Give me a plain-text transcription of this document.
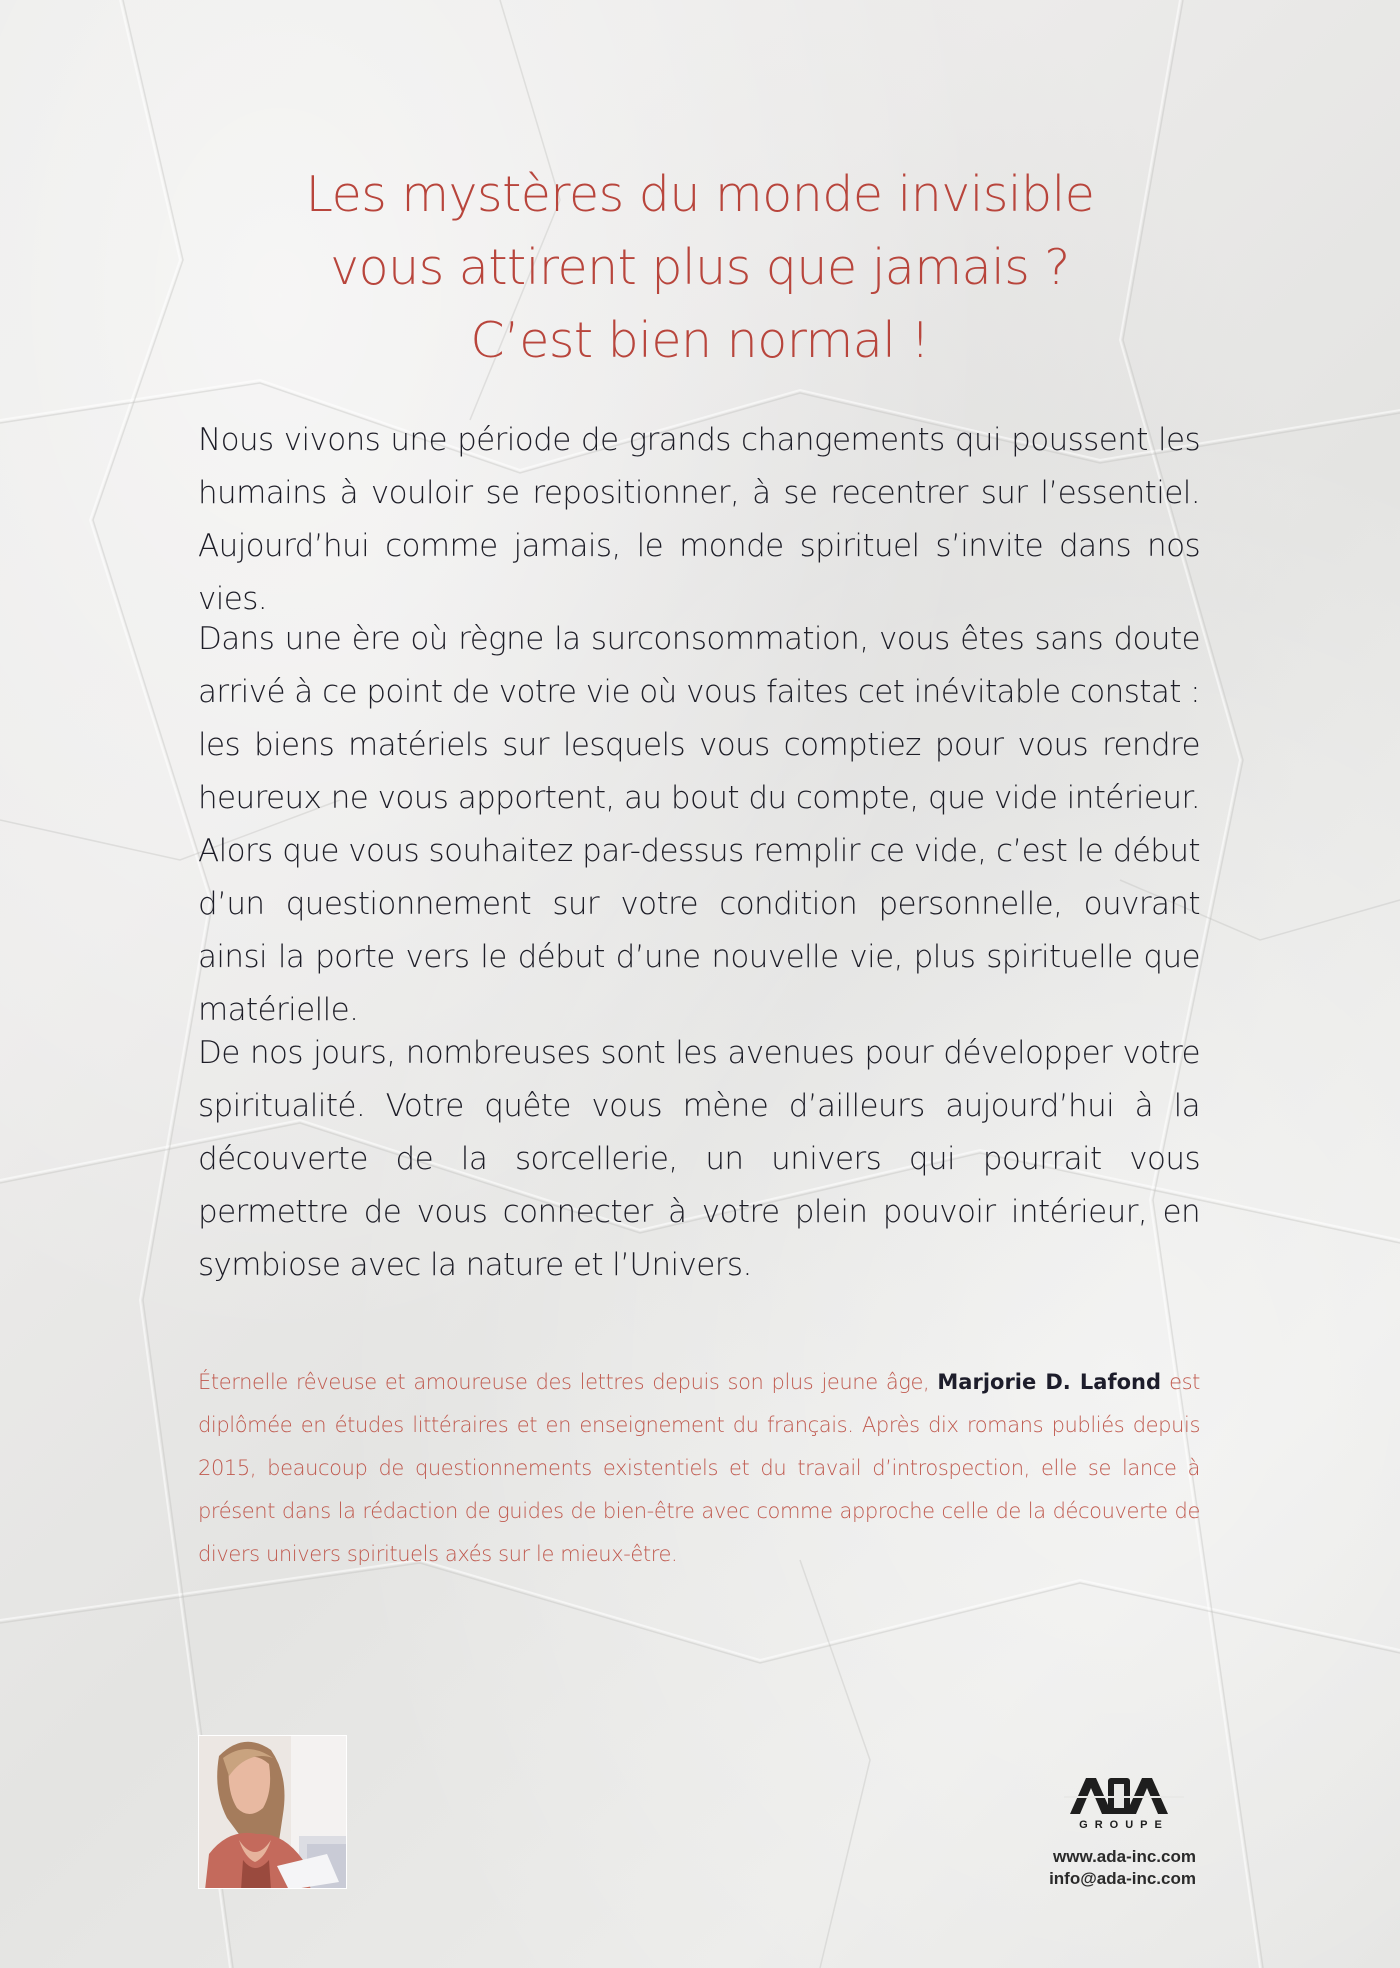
Les mystères du monde invisible
vous attirent plus que jamais ?
C’est bien normal !

Nous vivons une période de grands changements qui poussent les humains à vouloir se repositionner, à se recentrer sur l’essentiel. Aujourd’hui comme jamais, le monde spirituel s’invite dans nos vies.

Dans une ère où règne la surconsommation, vous êtes sans doute arrivé à ce point de votre vie où vous faites cet inévitable constat : les biens matériels sur lesquels vous comptiez pour vous rendre heureux ne vous apportent, au bout du compte, que vide intérieur. Alors que vous souhaitez par-dessus remplir ce vide, c’est le début d’un questionnement sur votre condition personnelle, ouvrant ainsi la porte vers le début d’une nouvelle vie, plus spirituelle que matérielle.

De nos jours, nombreuses sont les avenues pour développer votre spiritualité. Votre quête vous mène d’ailleurs aujourd’hui à la découverte de la sorcellerie, un univers qui pourrait vous permettre de vous connecter à votre plein pouvoir intérieur, en symbiose avec la nature et l’Univers.

Éternelle rêveuse et amoureuse des lettres depuis son plus jeune âge, Marjorie D. Lafond est diplômée en études littéraires et en enseignement du français. Après dix romans publiés depuis 2015, beaucoup de questionnements existentiels et du travail d’introspection, elle se lance à présent dans la rédaction de guides de bien-être avec comme approche celle de la découverte de divers univers spirituels axés sur le mieux-être.

GROUPE
www.ada-inc.com
info@ada-inc.com
